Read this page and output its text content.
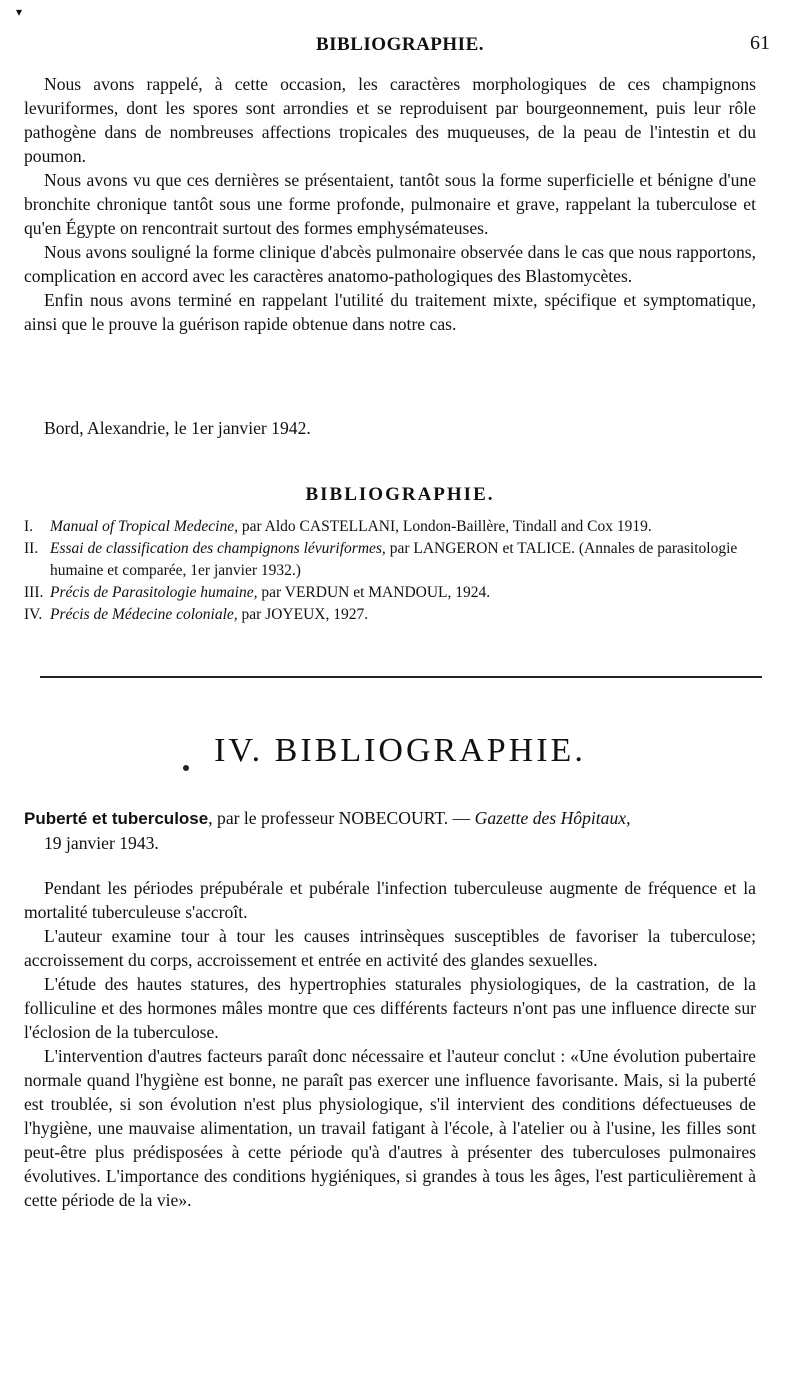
▾
BIBLIOGRAPHIE.	61

Nous avons rappelé, à cette occasion, les caractères morphologiques de ces champignons levuriformes, dont les spores sont arrondies et se reproduisent par bourgeonnement, puis leur rôle pathogène dans de nombreuses affections tropicales des muqueuses, de la peau de l'intestin et du poumon.

Nous avons vu que ces dernières se présentaient, tantôt sous la forme superficielle et bénigne d'une bronchite chronique tantôt sous une forme profonde, pulmonaire et grave, rappelant la tuberculose et qu'en Égypte on rencontrait surtout des formes emphysémateuses.

Nous avons souligné la forme clinique d'abcès pulmonaire observée dans le cas que nous rapportons, complication en accord avec les caractères anatomo-pathologiques des Blastomycètes.

Enfin nous avons terminé en rappelant l'utilité du traitement mixte, spécifique et symptomatique, ainsi que le prouve la guérison rapide obtenue dans notre cas.

Bord, Alexandrie, le 1er janvier 1942.
BIBLIOGRAPHIE.
I.	Manual of Tropical Medecine, par Aldo CASTELLANI, London-Baillère, Tindall and Cox 1919.
II. Essai de classification des champignons lévuriformes, par LANGERON et TALICE. (Annales de parasitologie humaine et comparée, 1er janvier 1932.)
III. Précis de Parasitologie humaine, par VERDUN et MANDOUL, 1924.
IV. Précis de Médecine coloniale, par JOYEUX, 1927.
IV. BIBLIOGRAPHIE.
Puberté et tuberculose, par le professeur NOBECOURT. — Gazette des Hôpitaux,
19 janvier 1943.

Pendant les périodes prépubérale et pubérale l'infection tuberculeuse augmente de fréquence et la mortalité tuberculeuse s'accroît.

L'auteur examine tour à tour les causes intrinsèques susceptibles de favoriser la tuberculose; accroissement du corps, accroissement et entrée en activité des glandes sexuelles.

L'étude des hautes statures, des hypertrophies staturales physiologiques, de la castration, de la folliculine et des hormones mâles montre que ces différents facteurs n'ont pas une influence directe sur l'éclosion de la tuberculose.

L'intervention d'autres facteurs paraît donc nécessaire et l'auteur conclut : «Une évolution pubertaire normale quand l'hygiène est bonne, ne paraît pas exercer une influence favorisante. Mais, si la puberté est troublée, si son évolution n'est plus physiologique, s'il intervient des conditions défectueuses de l'hygiène, une mauvaise alimentation, un travail fatigant à l'école, à l'atelier ou à l'usine, les filles sont peut-être plus prédisposées à cette période qu'à d'autres à présenter des tuberculoses pulmonaires évolutives. L'importance des conditions hygiéniques, si grandes à tous les âges, l'est particulièrement à cette période de la vie».
